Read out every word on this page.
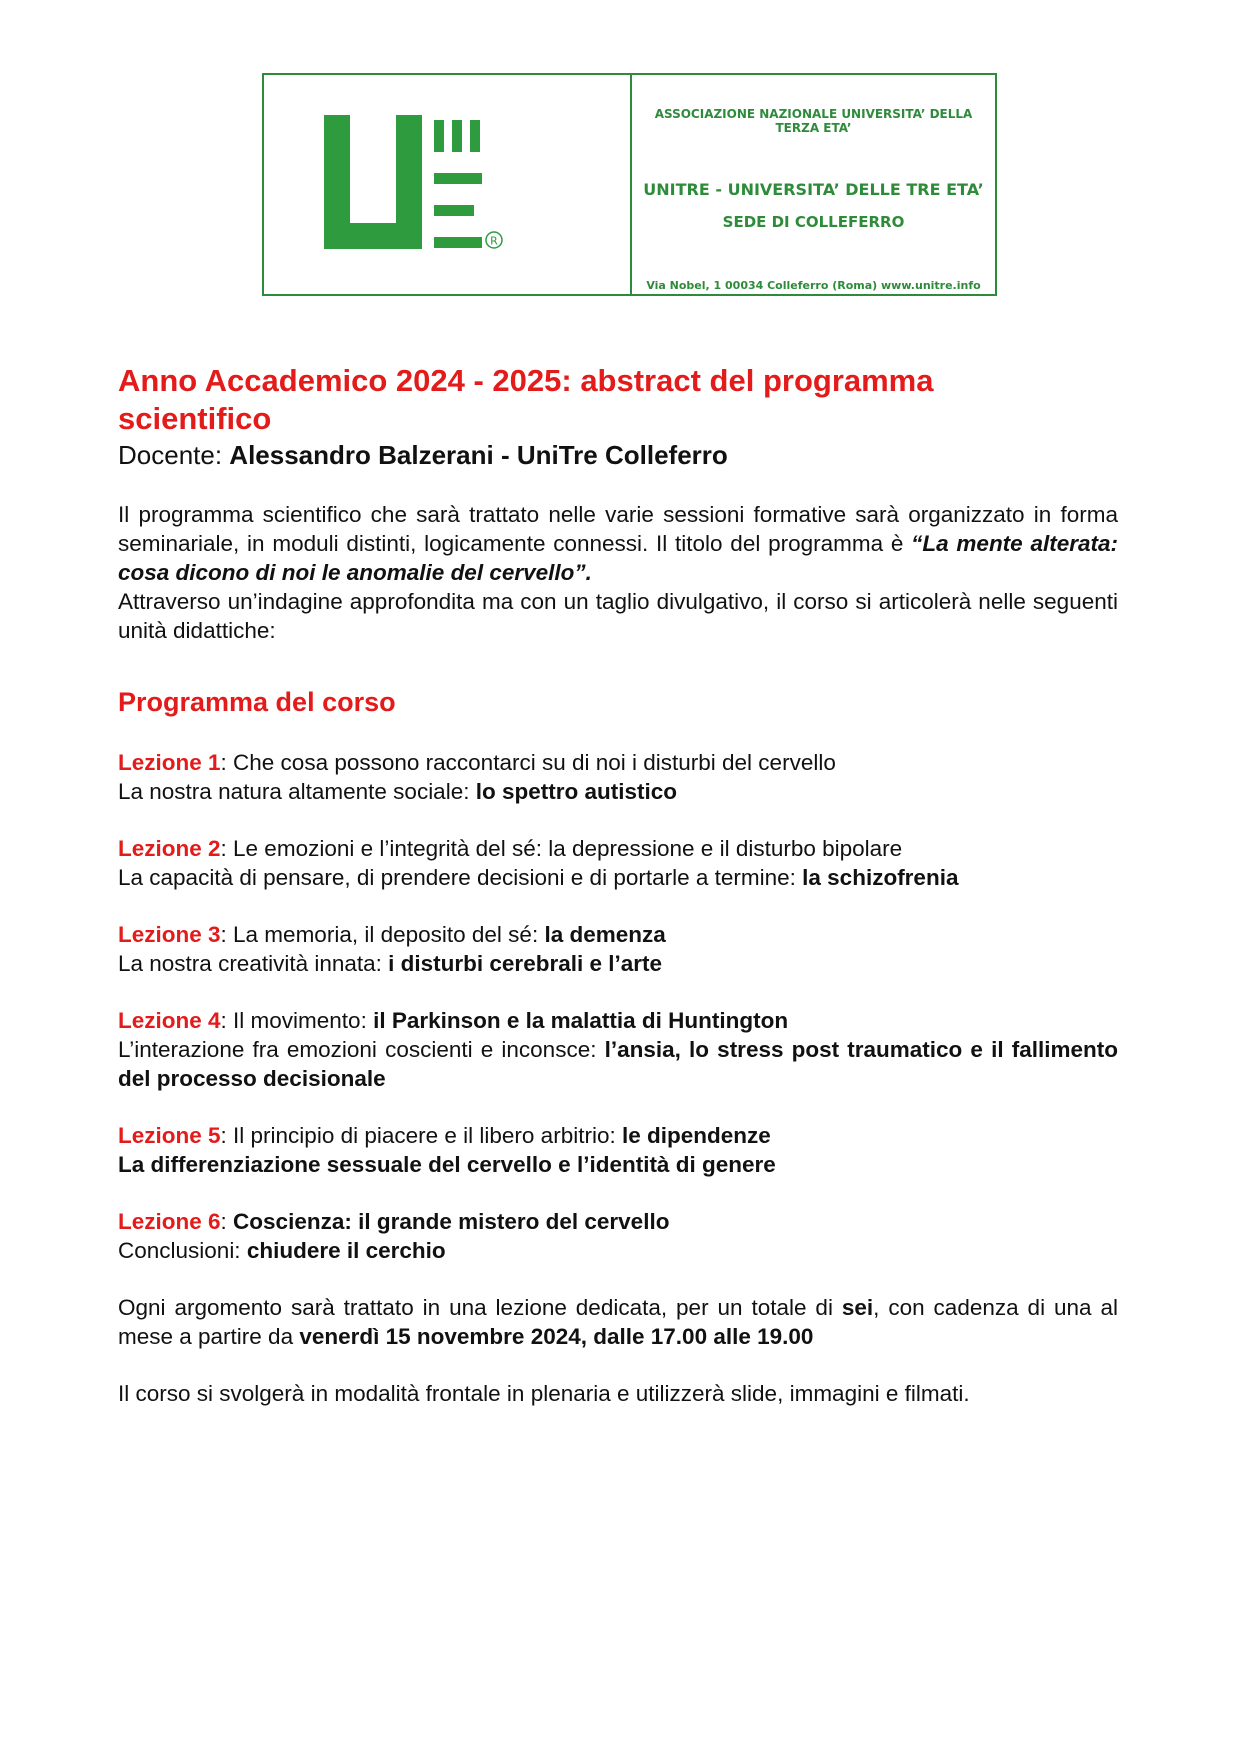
R
ASSOCIAZIONE NAZIONALE UNIVERSITA’ DELLA TERZA ETA’
UNITRE - UNIVERSITA’ DELLE TRE ETA’
SEDE DI COLLEFERRO
Via Nobel, 1 00034 Colleferro (Roma) www.unitre.info
Anno Accademico 2024 - 2025: abstract del programma scientifico

Docente: Alessandro Balzerani - UniTre Colleferro

Il programma scientifico che sarà trattato nelle varie sessioni formative sarà organizzato in forma seminariale, in moduli distinti, logicamente connessi. Il titolo del programma è “La mente alterata: cosa dicono di noi le anomalie del cervello”.

Attraverso un’indagine approfondita ma con un taglio divulgativo, il corso si articolerà nelle seguenti unità didattiche:

Programma del corso

Lezione 1: Che cosa possono raccontarci su di noi i disturbi del cervello

La nostra natura altamente sociale: lo spettro autistico

Lezione 2: Le emozioni e l’integrità del sé: la depressione e il disturbo bipolare

La capacità di pensare, di prendere decisioni e di portarle a termine: la schizofrenia

Lezione 3: La memoria, il deposito del sé: la demenza

La nostra creatività innata: i disturbi cerebrali e l’arte

Lezione 4: Il movimento: il Parkinson e la malattia di Huntington

L’interazione fra emozioni coscienti e inconsce: l’ansia, lo stress post traumatico e il fallimento del processo decisionale

Lezione 5: Il principio di piacere e il libero arbitrio: le dipendenze

La differenziazione sessuale del cervello e l’identità di genere

Lezione 6: Coscienza: il grande mistero del cervello

Conclusioni: chiudere il cerchio

Ogni argomento sarà trattato in una lezione dedicata, per un totale di sei, con cadenza di una al mese a partire da venerdì 15 novembre 2024, dalle 17.00 alle 19.00

Il corso si svolgerà in modalità frontale in plenaria e utilizzerà slide, immagini e filmati.
